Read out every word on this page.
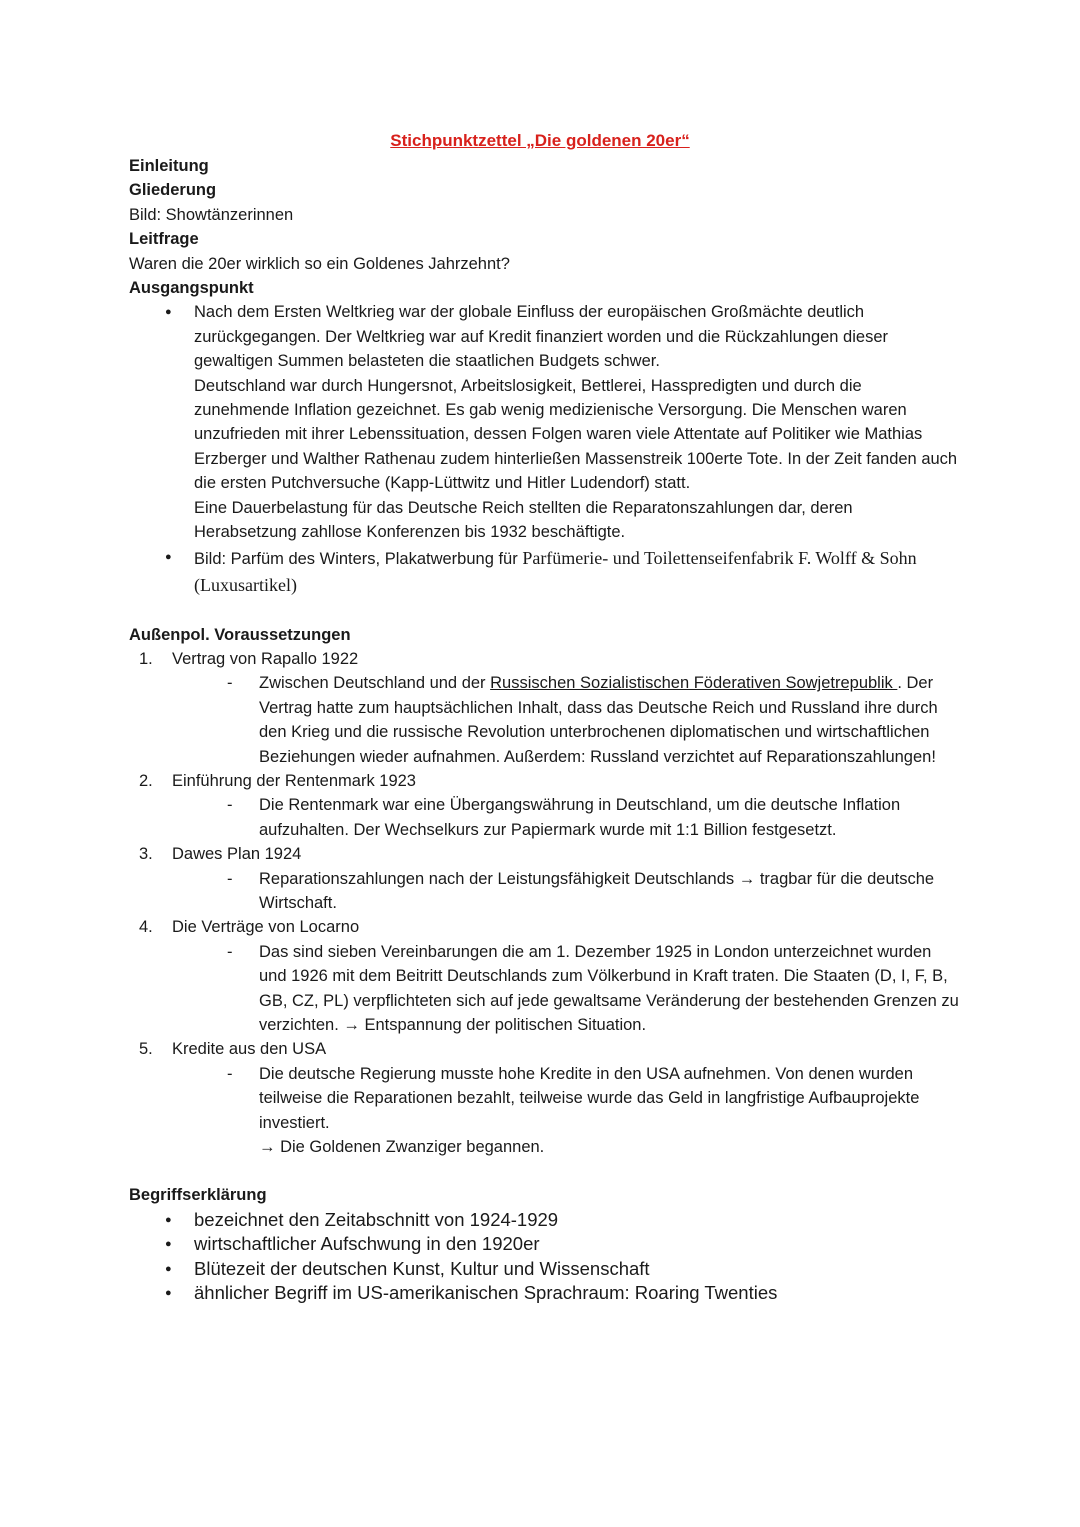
Stichpunktzettel „Die goldenen 20er“
Einleitung
Gliederung
Bild: Showtänzerinnen
Leitfrage
Waren die 20er wirklich so ein Goldenes Jahrzehnt?
Ausgangspunkt

● Nach dem Ersten Weltkrieg war der globale Einfluss der europäischen Großmächte deutlich zurückgegangen. Der Weltkrieg war auf Kredit finanziert worden und die Rückzahlungen dieser gewaltigen Summen belasteten die staatlichen Budgets schwer.

Deutschland war durch Hungersnot, Arbeitslosigkeit, Bettlerei, Hasspredigten und durch die zunehmende Inflation gezeichnet. Es gab wenig medizienische Versorgung. Die Menschen waren unzufrieden mit ihrer Lebenssituation, dessen Folgen waren viele Attentate auf Politiker wie Mathias Erzberger und Walther Rathenau zudem hinterließen Massenstreik 100erte Tote. In der Zeit fanden auch die ersten Putchversuche (Kapp-Lüttwitz und Hitler Ludendorf) statt.

Eine Dauerbelastung für das Deutsche Reich stellten die Reparatonszahlungen dar, deren Herabsetzung zahllose Konferenzen bis 1932 beschäftigte.

● Bild: Parfüm des Winters, Plakatwerbung für Parfümerie- und Toilettenseifenfabrik F. Wolff & Sohn (Luxusartikel)
Außenpol. Voraussetzungen
1. Vertrag von Rapallo 1922
- Zwischen Deutschland und der Russischen Sozialistischen Föderativen Sowjetrepublik . Der Vertrag hatte zum hauptsächlichen Inhalt, dass das Deutsche Reich und Russland ihre durch den Krieg und die russische Revolution unterbrochenen diplomatischen und wirtschaftlichen Beziehungen wieder aufnahmen. Außerdem: Russland verzichtet auf Reparationszahlungen!
2. Einführung der Rentenmark 1923
- Die Rentenmark war eine Übergangswährung in Deutschland, um die deutsche Inflation aufzuhalten. Der Wechselkurs zur Papiermark wurde mit 1:1 Billion festgesetzt.
3. Dawes Plan 1924
- Reparationszahlungen nach der Leistungsfähigkeit Deutschlands → tragbar für die deutsche Wirtschaft.
4. Die Verträge von Locarno
- Das sind sieben Vereinbarungen die am 1. Dezember 1925 in London unterzeichnet wurden und 1926 mit dem Beitritt Deutschlands zum Völkerbund in Kraft traten. Die Staaten (D, I, F, B, GB, CZ, PL) verpflichteten sich auf jede gewaltsame Veränderung der bestehenden Grenzen zu verzichten. → Entspannung der politischen Situation.
5. Kredite aus den USA
- Die deutsche Regierung musste hohe Kredite in den USA aufnehmen. Von denen wurden teilweise die Reparationen bezahlt, teilweise wurde das Geld in langfristige Aufbauprojekte investiert.
→ Die Goldenen Zwanziger begannen.
Begriffserklärung
● bezeichnet den Zeitabschnitt von 1924-1929
● wirtschaftlicher Aufschwung in den 1920er
● Blütezeit der deutschen Kunst, Kultur und Wissenschaft
● ähnlicher Begriff im US-amerikanischen Sprachraum: Roaring Twenties
